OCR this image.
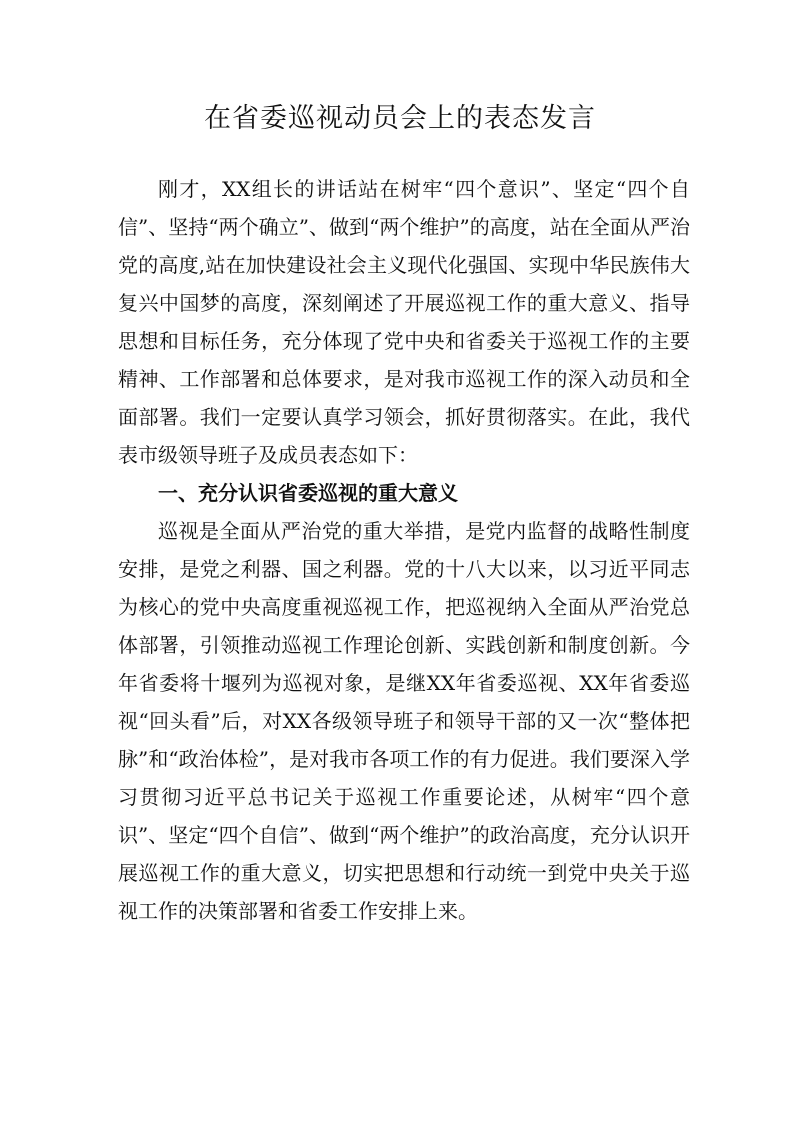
在省委巡视动员会上的表态发言

刚才，XX组长的讲话站在树牢“四个意识”、坚定“四个自信”、坚持“两个确立”、做到“两个维护”的高度，站在全面从严治党的高度,站在加快建设社会主义现代化强国、实现中华民族伟大复兴中国梦的高度，深刻阐述了开展巡视工作的重大意义、指导思想和目标任务，充分体现了党中央和省委关于巡视工作的主要精神、工作部署和总体要求，是对我市巡视工作的深入动员和全面部署。我们一定要认真学习领会，抓好贯彻落实。在此，我代表市级领导班子及成员表态如下：

一、充分认识省委巡视的重大意义

巡视是全面从严治党的重大举措，是党内监督的战略性制度安排，是党之利器、国之利器。党的十八大以来，以习近平同志为核心的党中央高度重视巡视工作，把巡视纳入全面从严治党总体部署，引领推动巡视工作理论创新、实践创新和制度创新。今年省委将十堰列为巡视对象，是继XX年省委巡视、XX年省委巡视“回头看”后，对XX各级领导班子和领导干部的又一次“整体把脉”和“政治体检”，是对我市各项工作的有力促进。我们要深入学习贯彻习近平总书记关于巡视工作重要论述，从树牢“四个意识”、坚定“四个自信”、做到“两个维护”的政治高度，充分认识开展巡视工作的重大意义，切实把思想和行动统一到党中央关于巡视工作的决策部署和省委工作安排上来。
